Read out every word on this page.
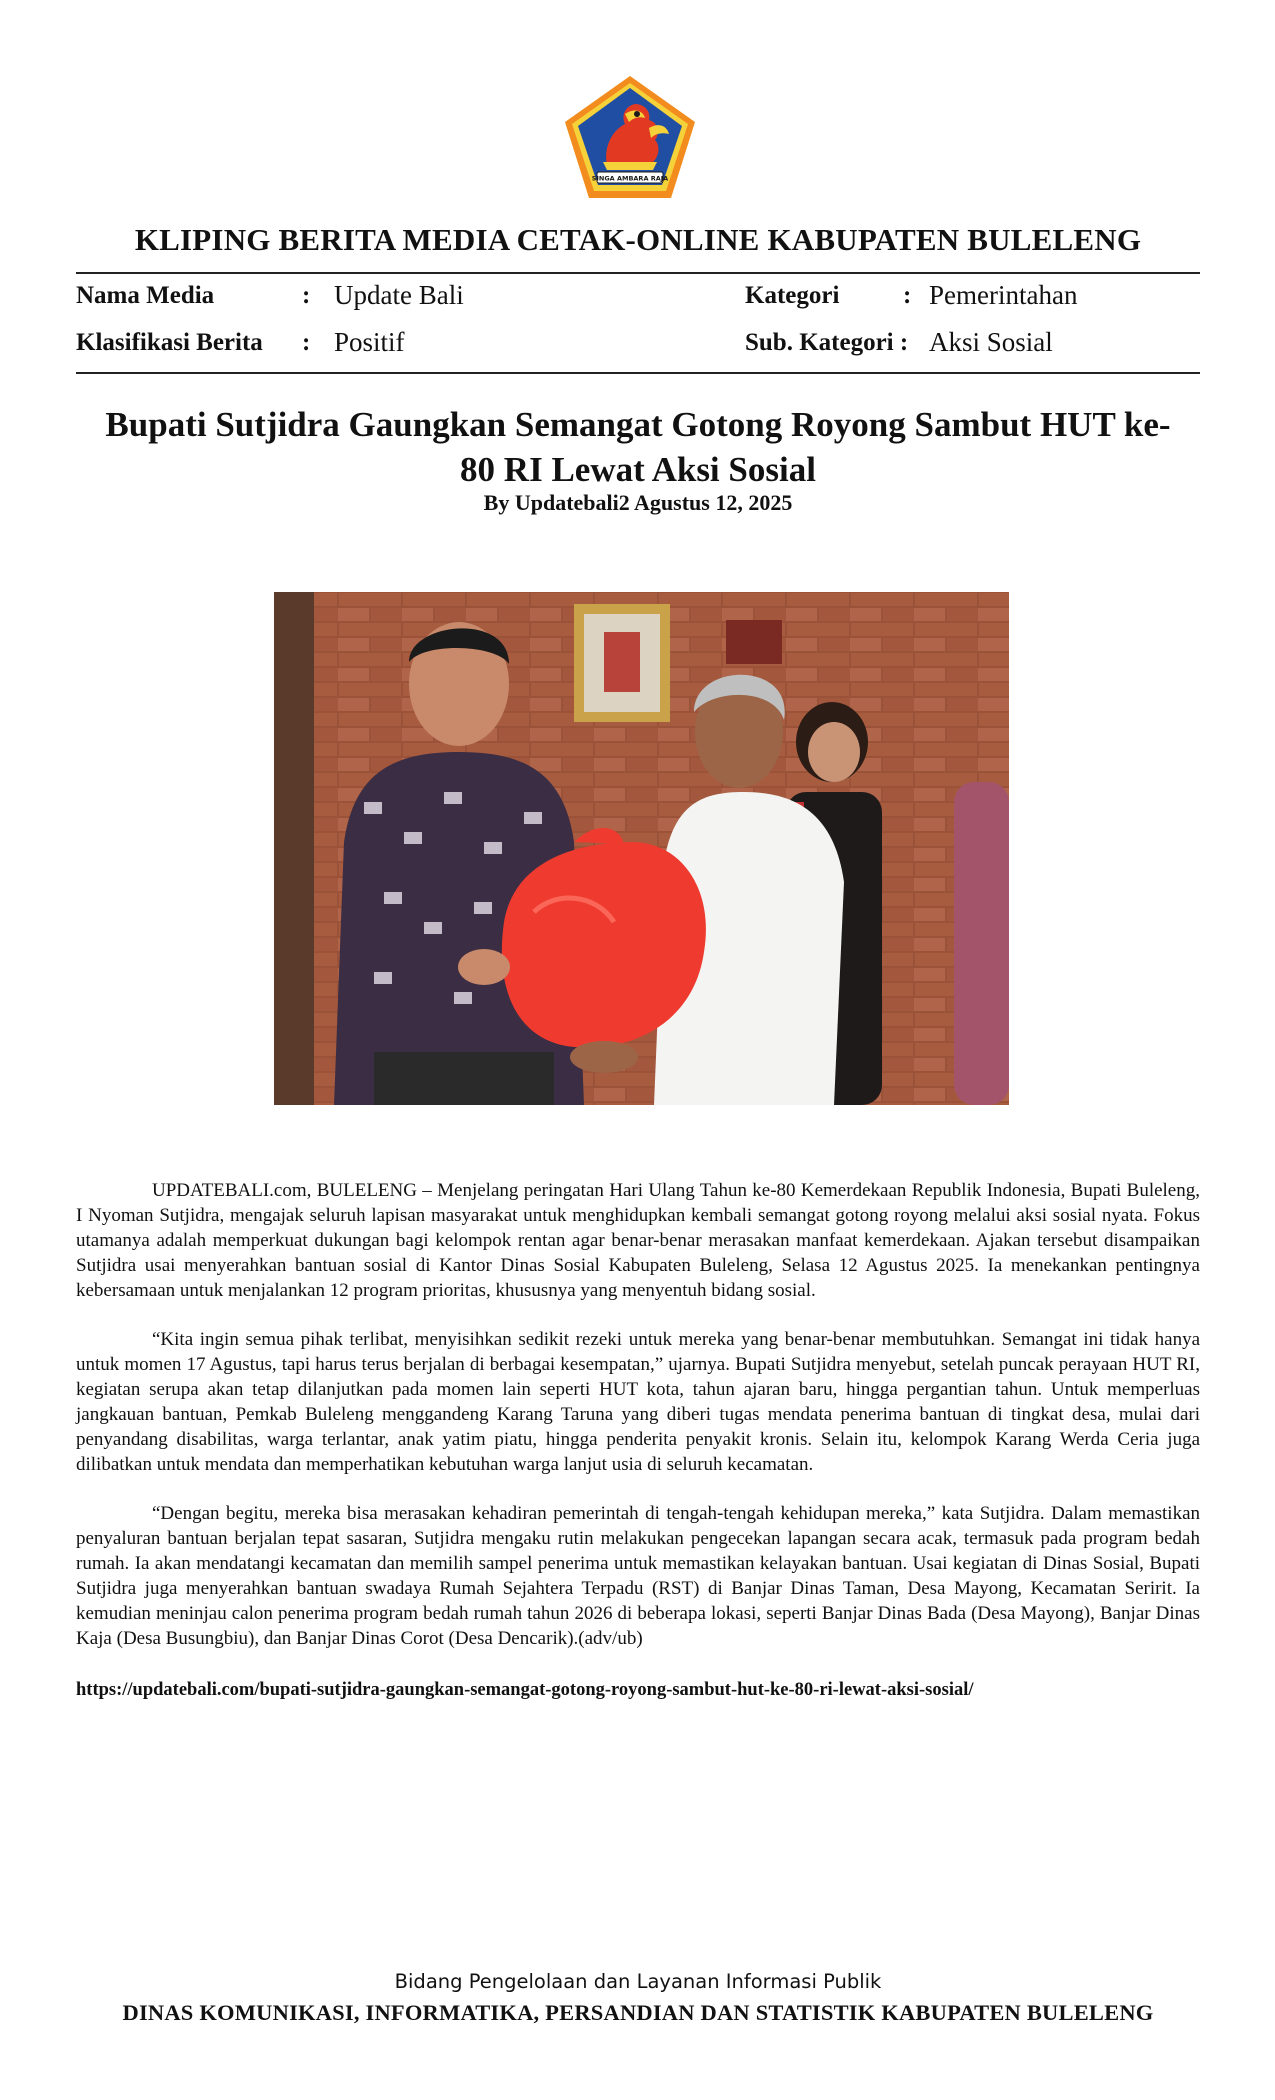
SINGA AMBARA RAJA
KLIPING BERITA MEDIA CETAK-ONLINE KABUPATEN BULELENG
Nama Media	: Update Bali	Kategori	: Pemerintahan
Klasifikasi Berita : Positif	Sub. Kategori : Aksi Sosial
Bupati Sutjidra Gaungkan Semangat Gotong Royong Sambut HUT ke-80 RI Lewat Aksi Sosial
By Updatebali2 Agustus 12, 2025

UPDATEBALI.com, BULELENG – Menjelang peringatan Hari Ulang Tahun ke-80 Kemerdekaan Republik Indonesia, Bupati Buleleng, I Nyoman Sutjidra, mengajak seluruh lapisan masyarakat untuk menghidupkan kembali semangat gotong royong melalui aksi sosial nyata. Fokus utamanya adalah memperkuat dukungan bagi kelompok rentan agar benar-benar merasakan manfaat kemerdekaan. Ajakan tersebut disampaikan Sutjidra usai menyerahkan bantuan sosial di Kantor Dinas Sosial Kabupaten Buleleng, Selasa 12 Agustus 2025. Ia menekankan pentingnya kebersamaan untuk menjalankan 12 program prioritas, khususnya yang menyentuh bidang sosial.

“Kita ingin semua pihak terlibat, menyisihkan sedikit rezeki untuk mereka yang benar-benar membutuhkan. Semangat ini tidak hanya untuk momen 17 Agustus, tapi harus terus berjalan di berbagai kesempatan,” ujarnya. Bupati Sutjidra menyebut, setelah puncak perayaan HUT RI, kegiatan serupa akan tetap dilanjutkan pada momen lain seperti HUT kota, tahun ajaran baru, hingga pergantian tahun. Untuk memperluas jangkauan bantuan, Pemkab Buleleng menggandeng Karang Taruna yang diberi tugas mendata penerima bantuan di tingkat desa, mulai dari penyandang disabilitas, warga terlantar, anak yatim piatu, hingga penderita penyakit kronis. Selain itu, kelompok Karang Werda Ceria juga dilibatkan untuk mendata dan memperhatikan kebutuhan warga lanjut usia di seluruh kecamatan.

“Dengan begitu, mereka bisa merasakan kehadiran pemerintah di tengah-tengah kehidupan mereka,” kata Sutjidra. Dalam memastikan penyaluran bantuan berjalan tepat sasaran, Sutjidra mengaku rutin melakukan pengecekan lapangan secara acak, termasuk pada program bedah rumah. Ia akan mendatangi kecamatan dan memilih sampel penerima untuk memastikan kelayakan bantuan. Usai kegiatan di Dinas Sosial, Bupati Sutjidra juga menyerahkan bantuan swadaya Rumah Sejahtera Terpadu (RST) di Banjar Dinas Taman, Desa Mayong, Kecamatan Seririt. Ia kemudian meninjau calon penerima program bedah rumah tahun 2026 di beberapa lokasi, seperti Banjar Dinas Bada (Desa Mayong), Banjar Dinas Kaja (Desa Busungbiu), dan Banjar Dinas Corot (Desa Dencarik).(adv/ub)

https://updatebali.com/bupati-sutjidra-gaungkan-semangat-gotong-royong-sambut-hut-ke-80-ri-lewat-aksi-sosial/
Bidang Pengelolaan dan Layanan Informasi Publik
DINAS KOMUNIKASI, INFORMATIKA, PERSANDIAN DAN STATISTIK KABUPATEN BULELENG
